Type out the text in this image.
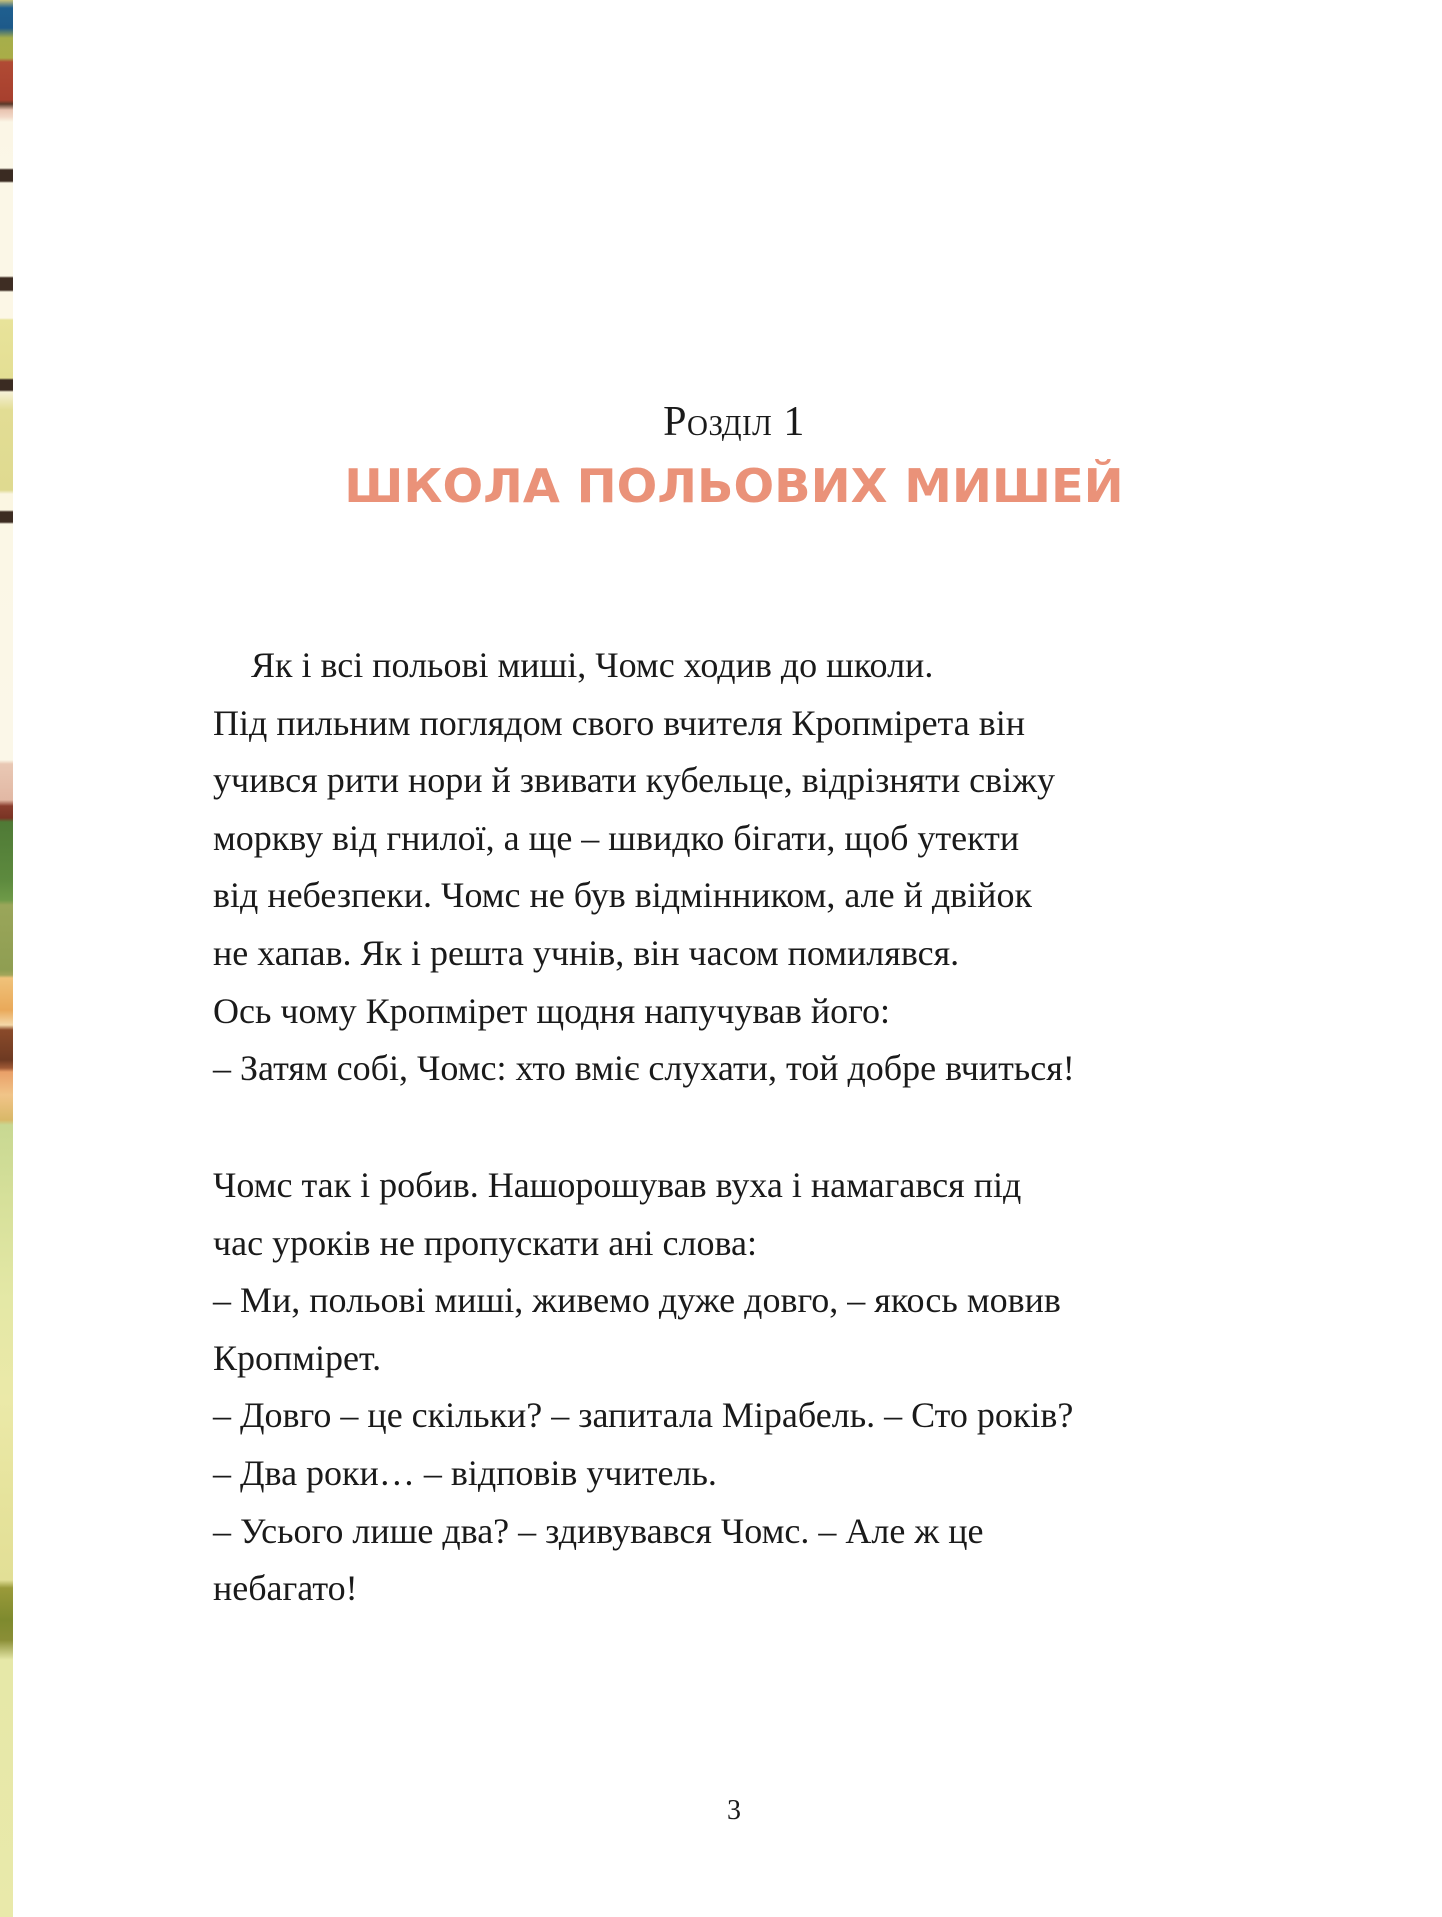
Розділ 1
ШКОЛА ПОЛЬОВИХ МИШЕЙ
Як і всі польові миші, Чомс ходив до школи.
Під пильним поглядом свого вчителя Кропмірета він
учився рити нори й звивати кубельце, відрізняти свіжу
моркву від гнилої, а ще – швидко бігати, щоб утекти
від небезпеки. Чомс не був відмінником, але й двійок
не хапав. Як і решта учнів, він часом помилявся.
Ось чому Кропмірет щодня напучував його:
– Затям собі, Чомс: хто вміє слухати, той добре вчиться!
Чомс так і робив. Нашорошував вуха і намагався під
час уроків не пропускати ані слова:
– Ми, польові миші, живемо дуже довго, – якось мовив
Кропмірет.
– Довго – це скільки? – запитала Мірабель. – Сто років?
– Два роки… – відповів учитель.
– Усього лише два? – здивувався Чомс. – Але ж це
небагато!
3
